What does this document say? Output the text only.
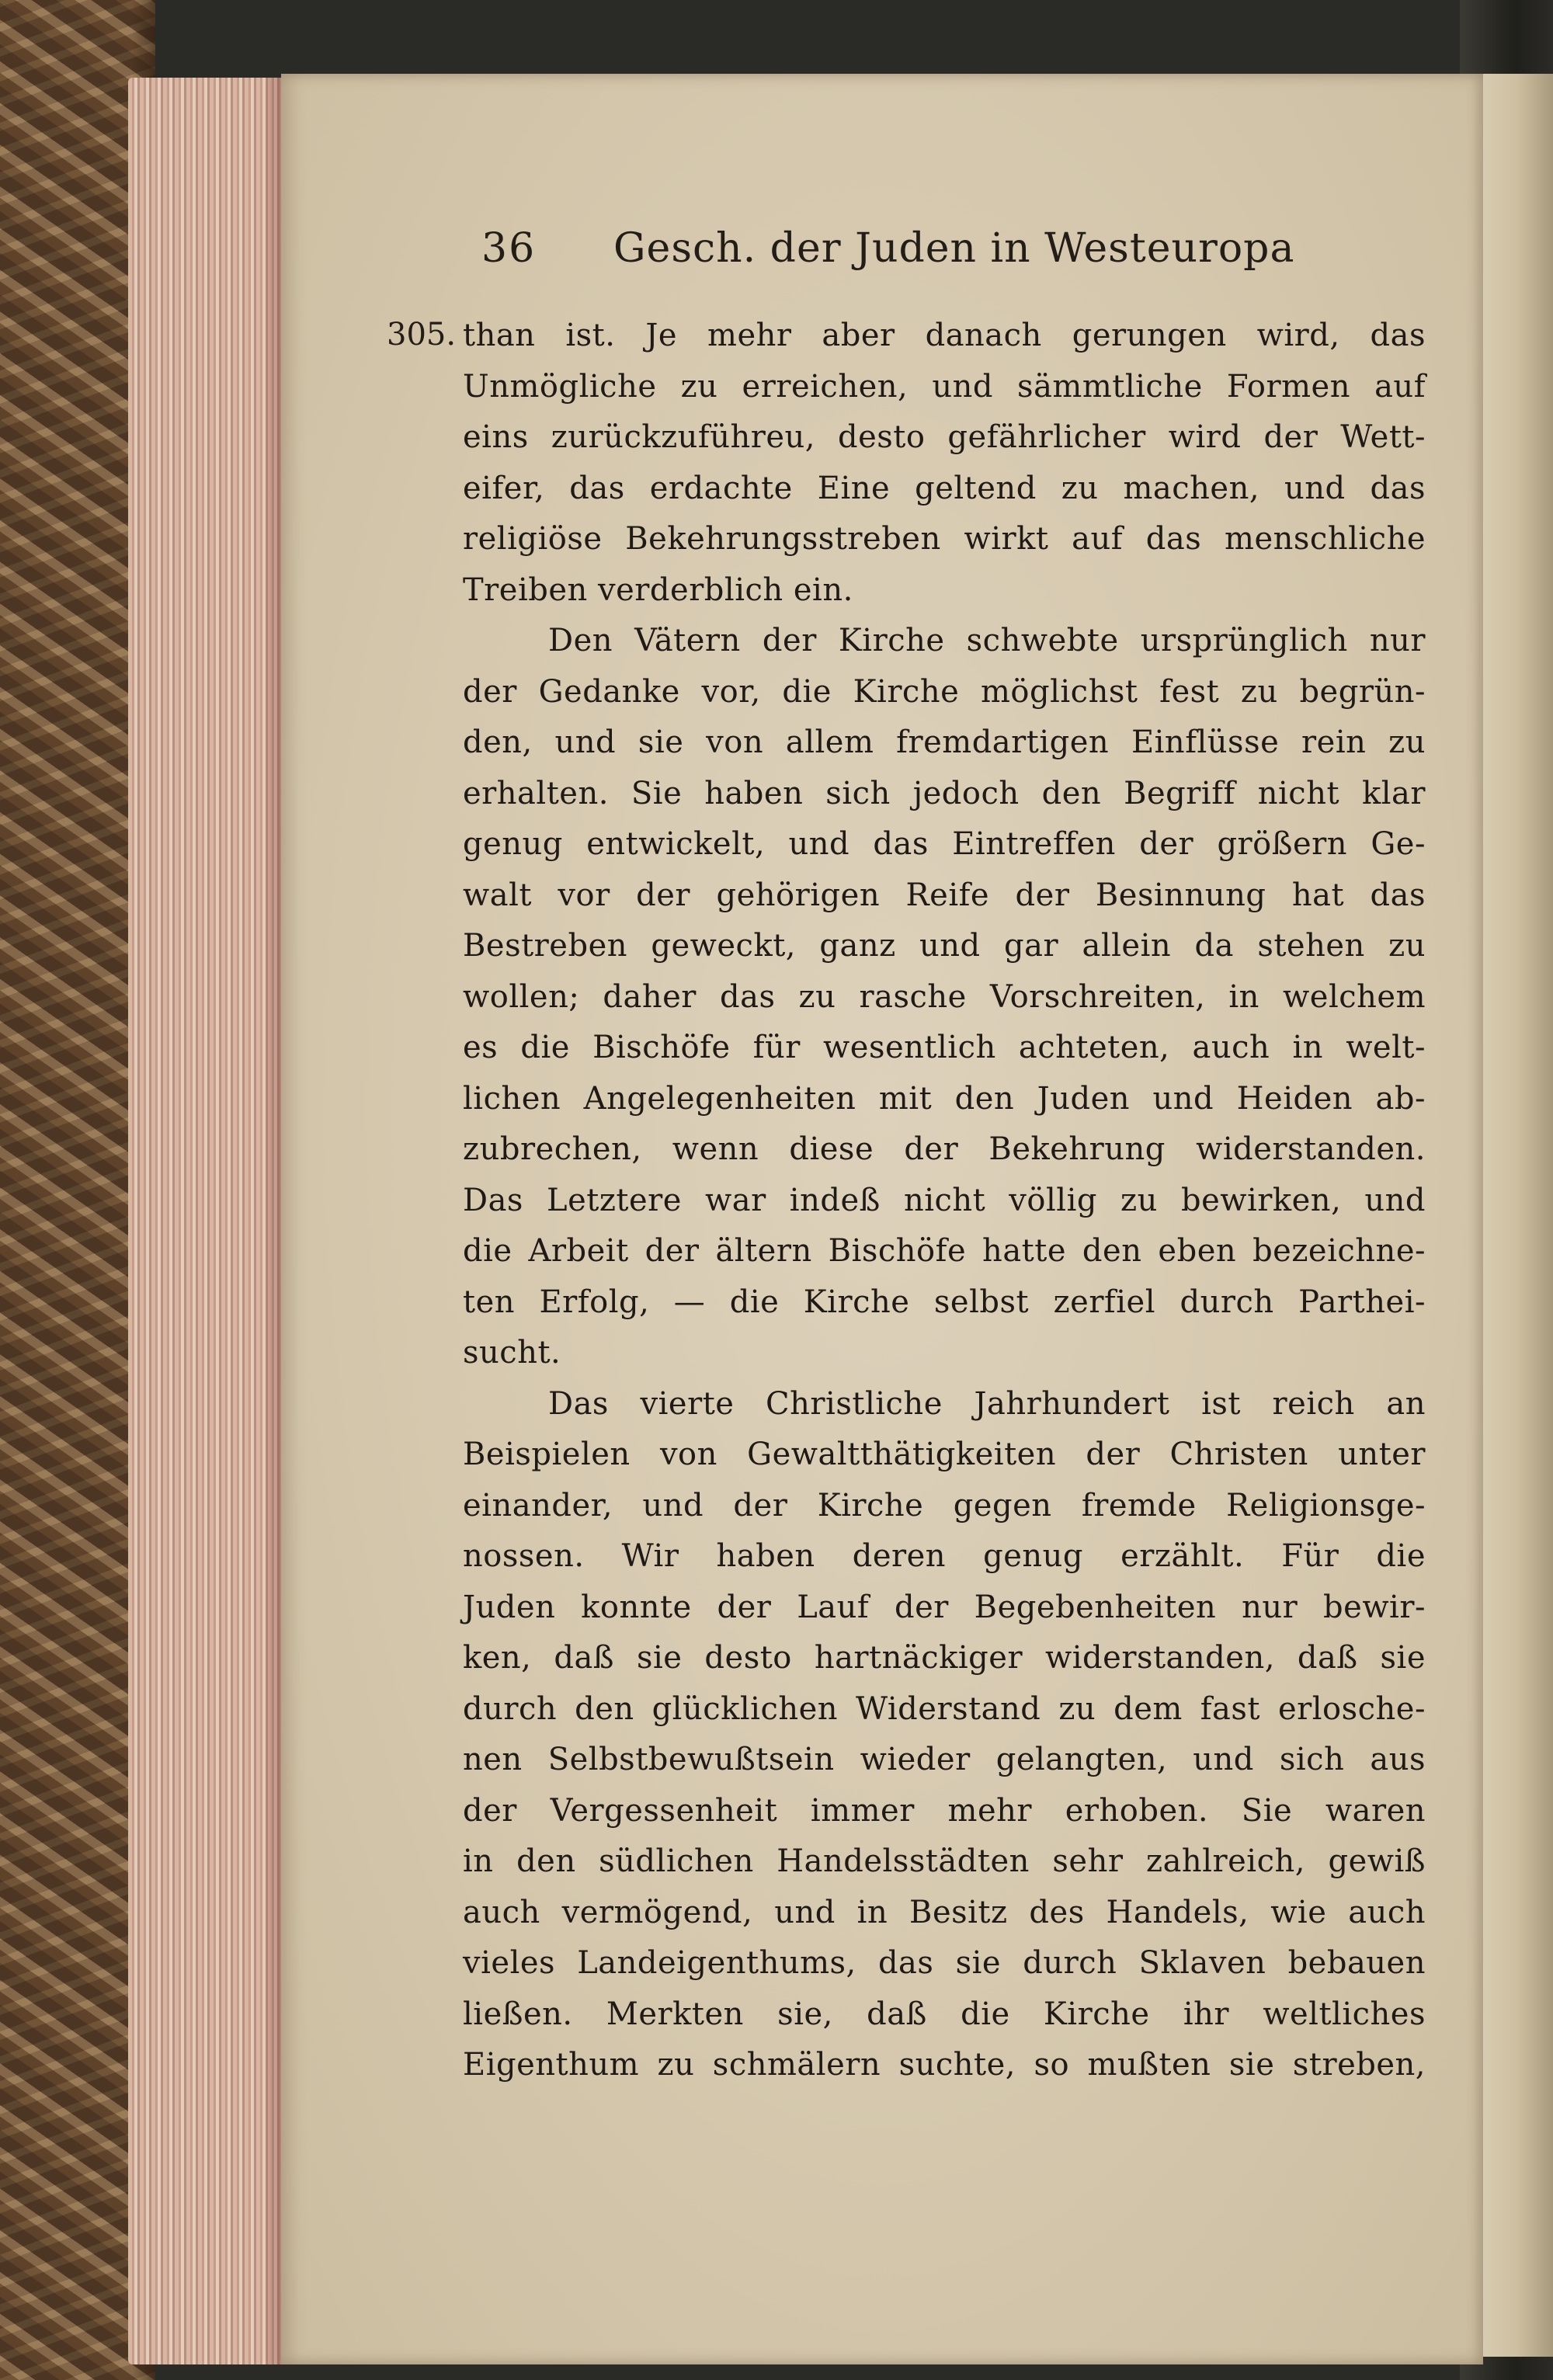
36	Gesch. der Juden in Westeuropa
305. than ist. Je mehr aber danach gerungen wird, das
Unmögliche zu erreichen, und sämmtliche Formen auf
eins zurückzuführeu, desto gefährlicher wird der Wett-
eifer, das erdachte Eine geltend zu machen, und das
religiöse Bekehrungsstreben wirkt auf das menschliche
Treiben verderblich ein.
Den Vätern der Kirche schwebte ursprünglich nur
der Gedanke vor, die Kirche möglichst fest zu begrün-
den, und sie von allem fremdartigen Einflüsse rein zu
erhalten. Sie haben sich jedoch den Begriff nicht klar
genug entwickelt, und das Eintreffen der größern Ge-
walt vor der gehörigen Reife der Besinnung hat das
Bestreben geweckt, ganz und gar allein da stehen zu
wollen; daher das zu rasche Vorschreiten, in welchem
es die Bischöfe für wesentlich achteten, auch in welt-
lichen Angelegenheiten mit den Juden und Heiden ab-
zubrechen, wenn diese der Bekehrung widerstanden.
Das Letztere war indeß nicht völlig zu bewirken, und
die Arbeit der ältern Bischöfe hatte den eben bezeichne-
ten Erfolg, — die Kirche selbst zerfiel durch Parthei-
sucht.
Das vierte Christliche Jahrhundert ist reich an
Beispielen von Gewaltthätigkeiten der Christen unter
einander, und der Kirche gegen fremde Religionsge-
nossen. Wir haben deren genug erzählt. Für die
Juden konnte der Lauf der Begebenheiten nur bewir-
ken, daß sie desto hartnäckiger widerstanden, daß sie
durch den glücklichen Widerstand zu dem fast erlosche-
nen Selbstbewußtsein wieder gelangten, und sich aus
der Vergessenheit immer mehr erhoben. Sie waren
in den südlichen Handelsstädten sehr zahlreich, gewiß
auch vermögend, und in Besitz des Handels, wie auch
vieles Landeigenthums, das sie durch Sklaven bebauen
ließen. Merkten sie, daß die Kirche ihr weltliches
Eigenthum zu schmälern suchte, so mußten sie streben,
